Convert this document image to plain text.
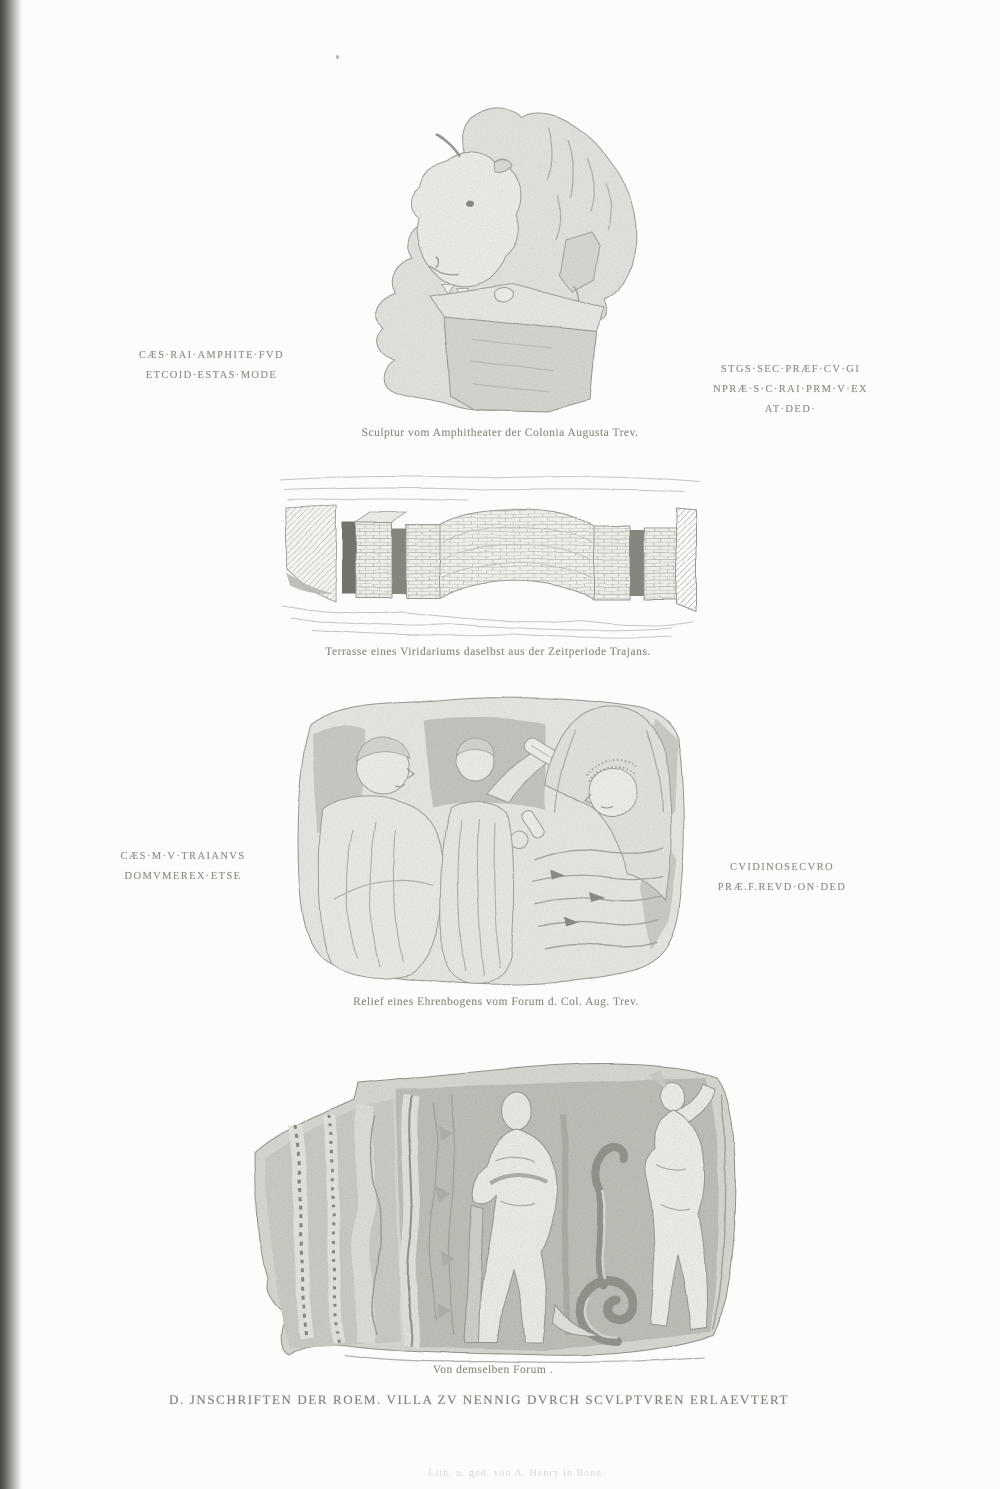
CÆS·RAI·AMPHITE·FVD
ETCOID·ESTAS·MODE
STGS·SEC·PRÆF·CV·GI
NPRÆ·S·C·RAI·PRM·V·EX
AT·DED·
Sculptur vom Amphitheater der Colonia Augusta Trev.
Terrasse eines Viridariums daselbst aus der Zeitperiode Trajans.
CÆS·M·V·TRAIANVS
DOMVMEREX·ETSE
CVIDINOSECVRO
PRÆ.F.REVD·ON·DED
Relief eines Ehrenbogens vom Forum d. Col. Aug. Trev.
Von demselben Forum .
D. JNSCHRIFTEN DER ROEM. VILLA ZV NENNIG DVRCH SCVLPTVREN ERLAEVTERT
Lith. u. ged. von A. Henry in Bonn.
